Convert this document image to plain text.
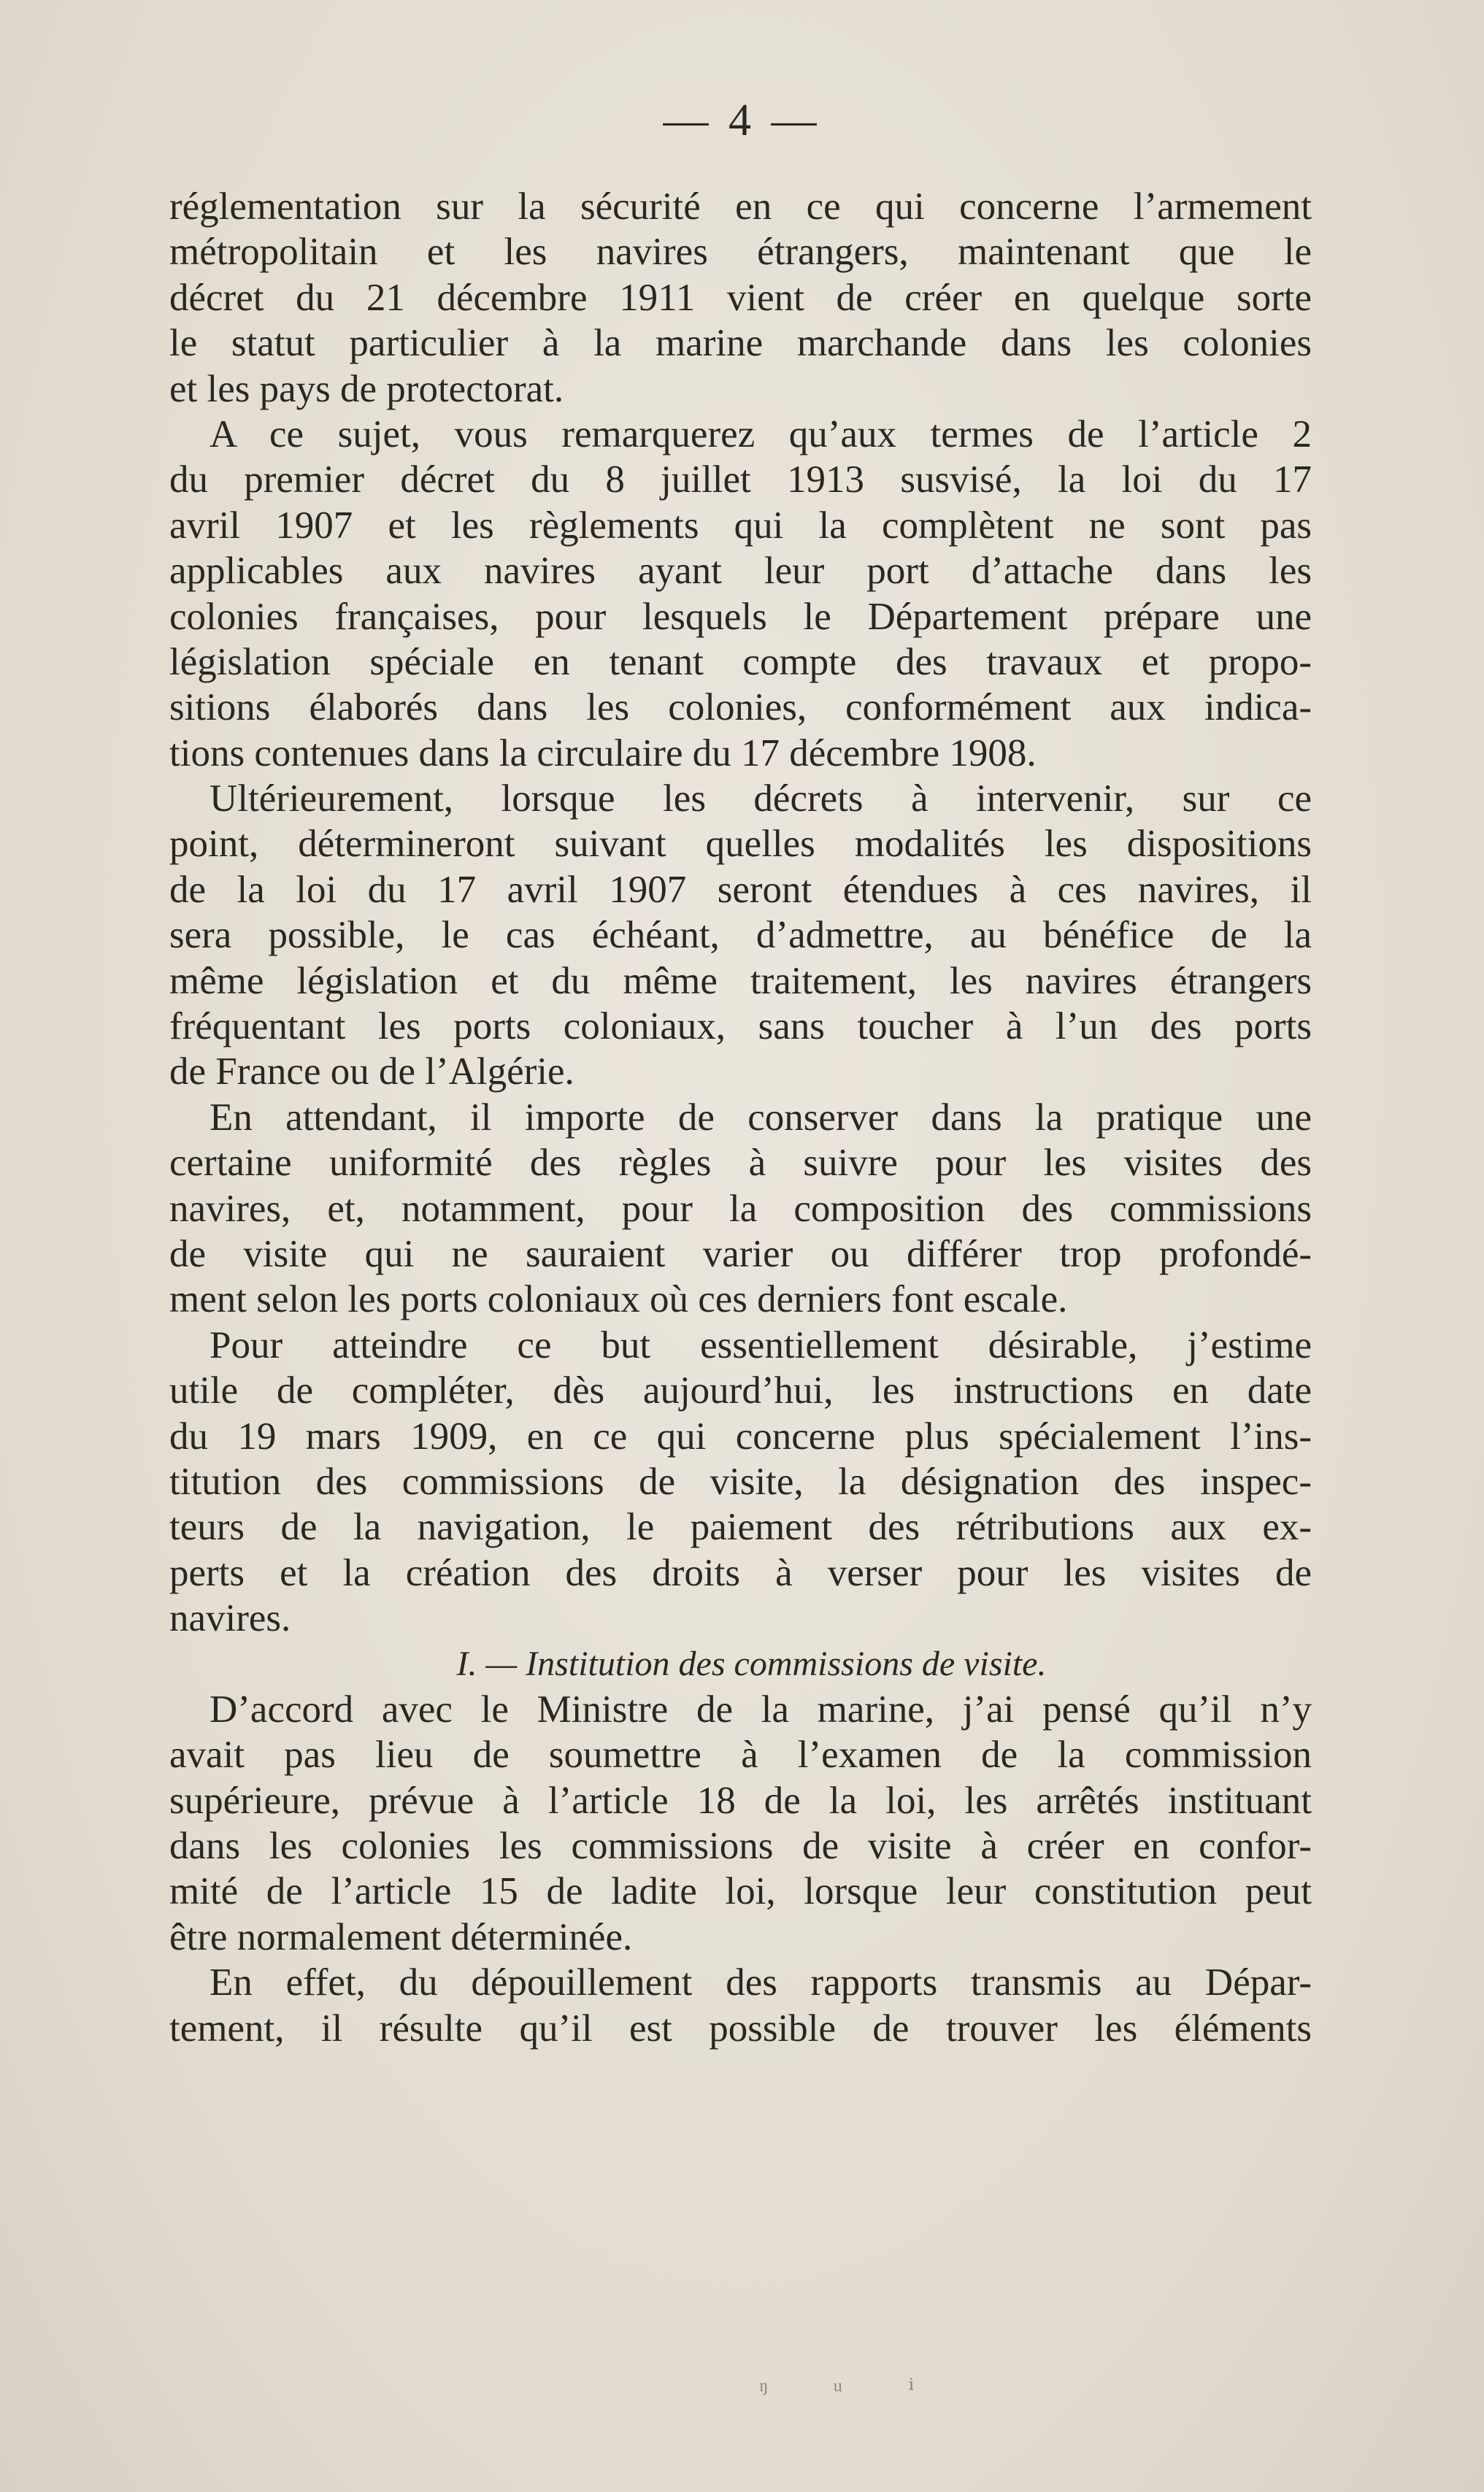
— 4 —
réglementation sur la sécurité en ce qui concerne l’armement
métropolitain et les navires étrangers, maintenant que le
décret du 21 décembre 1911 vient de créer en quelque sorte
le statut particulier à la marine marchande dans les colonies
et les pays de protectorat.
A ce sujet, vous remarquerez qu’aux termes de l’article 2
du premier décret du 8 juillet 1913 susvisé, la loi du 17
avril 1907 et les règlements qui la complètent ne sont pas
applicables aux navires ayant leur port d’attache dans les
colonies françaises, pour lesquels le Département prépare une
législation spéciale en tenant compte des travaux et propo-
sitions élaborés dans les colonies, conformément aux indica-
tions contenues dans la circulaire du 17 décembre 1908.
Ultérieurement, lorsque les décrets à intervenir, sur ce
point, détermineront suivant quelles modalités les dispositions
de la loi du 17 avril 1907 seront étendues à ces navires, il
sera possible, le cas échéant, d’admettre, au bénéfice de la
même législation et du même traitement, les navires étrangers
fréquentant les ports coloniaux, sans toucher à l’un des ports
de France ou de l’Algérie.
En attendant, il importe de conserver dans la pratique une
certaine uniformité des règles à suivre pour les visites des
navires, et, notamment, pour la composition des commissions
de visite qui ne sauraient varier ou différer trop profondé-
ment selon les ports coloniaux où ces derniers font escale.
Pour atteindre ce but essentiellement désirable, j’estime
utile de compléter, dès aujourd’hui, les instructions en date
du 19 mars 1909, en ce qui concerne plus spécialement l’ins-
titution des commissions de visite, la désignation des inspec-
teurs de la navigation, le paiement des rétributions aux ex-
perts et la création des droits à verser pour les visites de
navires.
I. — Institution des commissions de visite.
D’accord avec le Ministre de la marine, j’ai pensé qu’il n’y
avait pas lieu de soumettre à l’examen de la commission
supérieure, prévue à l’article 18 de la loi, les arrêtés instituant
dans les colonies les commissions de visite à créer en confor-
mité de l’article 15 de ladite loi, lorsque leur constitution peut
être normalement déterminée.
En effet, du dépouillement des rapports transmis au Dépar-
tement, il résulte qu’il est possible de trouver les éléments
ᵑ ᵘ ⁱ
